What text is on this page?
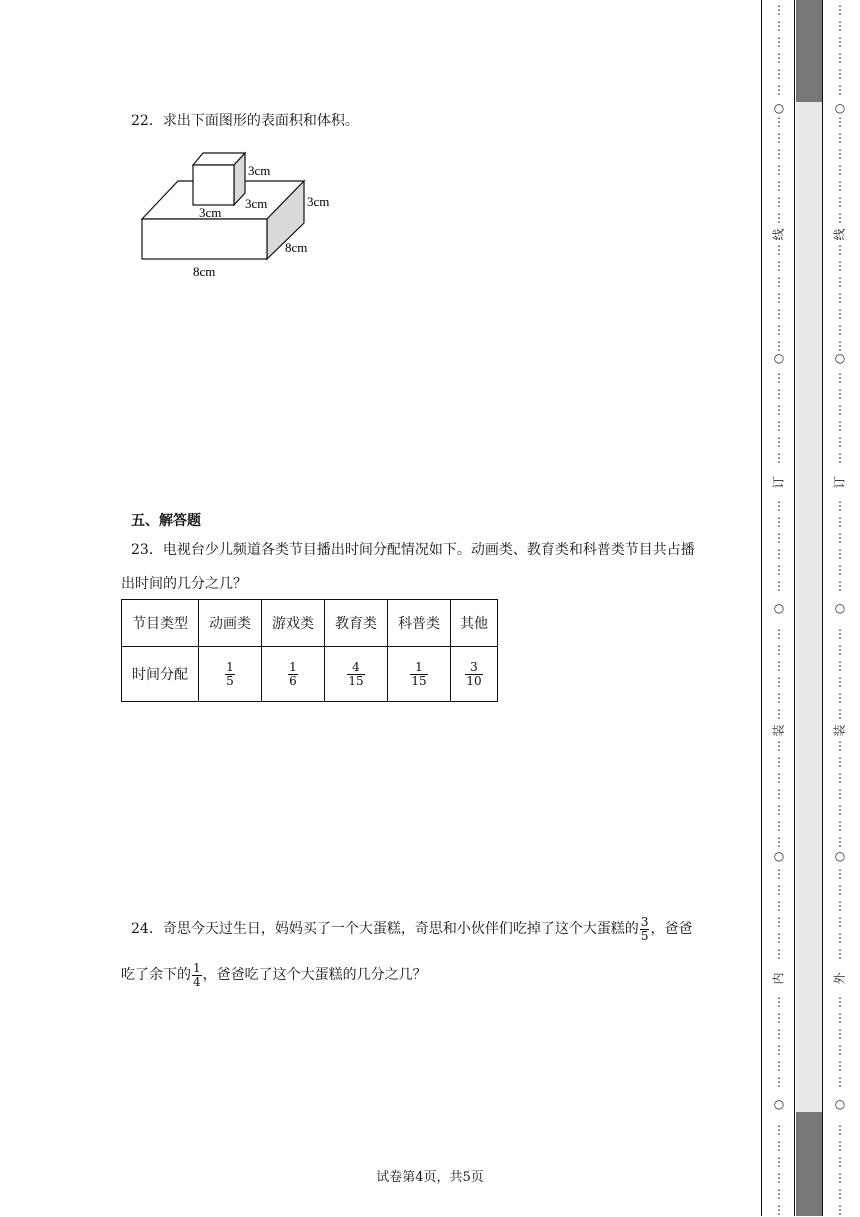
22．求出下面图形的表面积和体积。
3cm
3cm
3cm
3cm
8cm
8cm
五、解答题
23．电视台少儿频道各类节目播出时间分配情况如下。动画类、教育类和科普类节目共占播
出时间的几分之几？
节目类型	动画类	游戏类	教育类	科普类	其他
时间分配	$\frac{1}{5}$	$\frac{1}{6}$	$\frac{4}{15}$	$\frac{1}{15}$	$\frac{3}{10}$
24．奇思今天过生日，妈妈买了一个大蛋糕，奇思和小伙伴们吃掉了这个大蛋糕的 $\frac{3}{5}$ ，爸爸
吃了余下的 $\frac{1}{4}$ ，爸爸吃了这个大蛋糕的几分之几？
试卷第4页，共5页
⋮
⋮
⋮
⋮
⋮
⋮
⋮
⋮
⋮
⋮
⋮
⋮
⋮
⋮
⋮
⋮
⋮
⋮
⋮
⋮
⋮
⋮
⋮
⋮
⋮
⋮
⋮
⋮
⋮
⋮
⋮
⋮
⋮
⋮
⋮
⋮
⋮
⋮
⋮
⋮
⋮
⋮
⋮
⋮
⋮
⋮
⋮
⋮
⋮
⋮
⋮
⋮
⋮
⋮
⋮
⋮
⋮
⋮
⋮
⋮
⋮
⋮
⋮
○
○
○
○
○
线
订
装
内
⋮
⋮
⋮
⋮
⋮
⋮
⋮
⋮
⋮
⋮
⋮
⋮
⋮
⋮
⋮
⋮
⋮
⋮
⋮
⋮
⋮
⋮
⋮
⋮
⋮
⋮
⋮
⋮
⋮
⋮
⋮
⋮
⋮
⋮
⋮
⋮
⋮
⋮
⋮
⋮
⋮
⋮
⋮
⋮
⋮
⋮
⋮
⋮
⋮
⋮
⋮
⋮
⋮
⋮
⋮
⋮
⋮
⋮
⋮
⋮
⋮
⋮
⋮
○
○
○
○
○
线
订
装
外
